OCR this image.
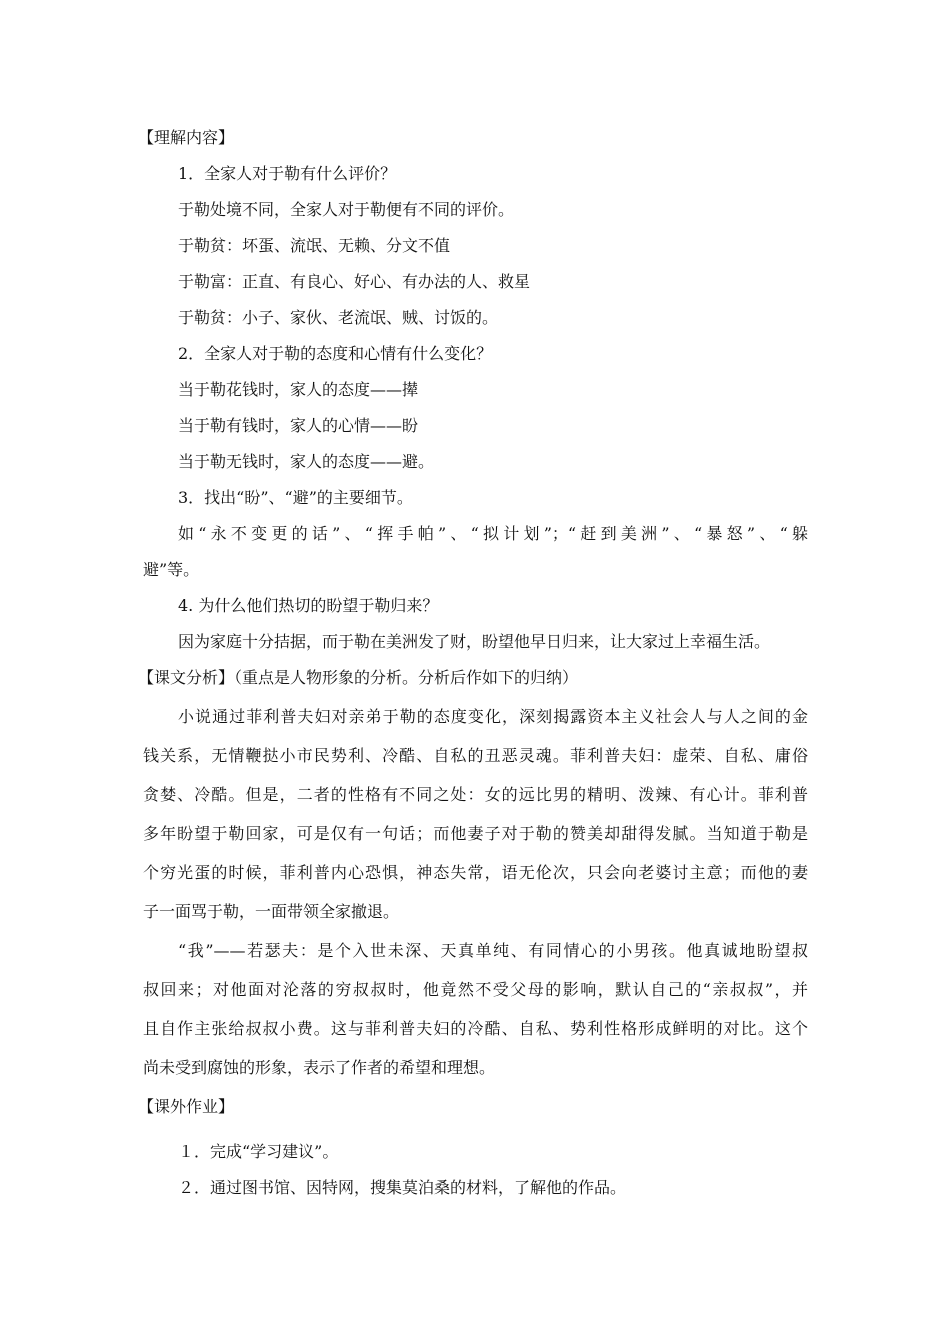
【理解内容】
1．全家人对于勒有什么评价？
于勒处境不同，全家人对于勒便有不同的评价。
于勒贫：坏蛋、流氓、无赖、分文不值
于勒富：正直、有良心、好心、有办法的人、救星
于勒贫：小子、家伙、老流氓、贼、讨饭的。
2．全家人对于勒的态度和心情有什么变化？
当于勒花钱时，家人的态度——撵
当于勒有钱时，家人的心情——盼
当于勒无钱时，家人的态度——避。
3．找出“盼”、“避”的主要细节。
如“永不变更的话”、“挥手帕”、“拟计划”；“赶到美洲”、“暴怒”、“躲
避”等。
4. 为什么他们热切的盼望于勒归来？
因为家庭十分拮据，而于勒在美洲发了财，盼望他早日归来，让大家过上幸福生活。
【课文分析】（重点是人物形象的分析。分析后作如下的归纳）
小说通过菲利普夫妇对亲弟于勒的态度变化，深刻揭露资本主义社会人与人之间的金
钱关系，无情鞭挞小市民势利、冷酷、自私的丑恶灵魂。菲利普夫妇：虚荣、自私、庸俗
贪婪、冷酷。但是，二者的性格有不同之处：女的远比男的精明、泼辣、有心计。菲利普
多年盼望于勒回家，可是仅有一句话；而他妻子对于勒的赞美却甜得发腻。当知道于勒是
个穷光蛋的时候，菲利普内心恐惧，神态失常，语无伦次，只会向老婆讨主意；而他的妻
子一面骂于勒，一面带领全家撤退。
“我”——若瑟夫：是个入世未深、天真单纯、有同情心的小男孩。他真诚地盼望叔
叔回来；对他面对沦落的穷叔叔时，他竟然不受父母的影响，默认自己的“亲叔叔”，并
且自作主张给叔叔小费。这与菲利普夫妇的冷酷、自私、势利性格形成鲜明的对比。这个
尚未受到腐蚀的形象，表示了作者的希望和理想。
【课外作业】
１．完成“学习建议”。
２．通过图书馆、因特网，搜集莫泊桑的材料，了解他的作品。
